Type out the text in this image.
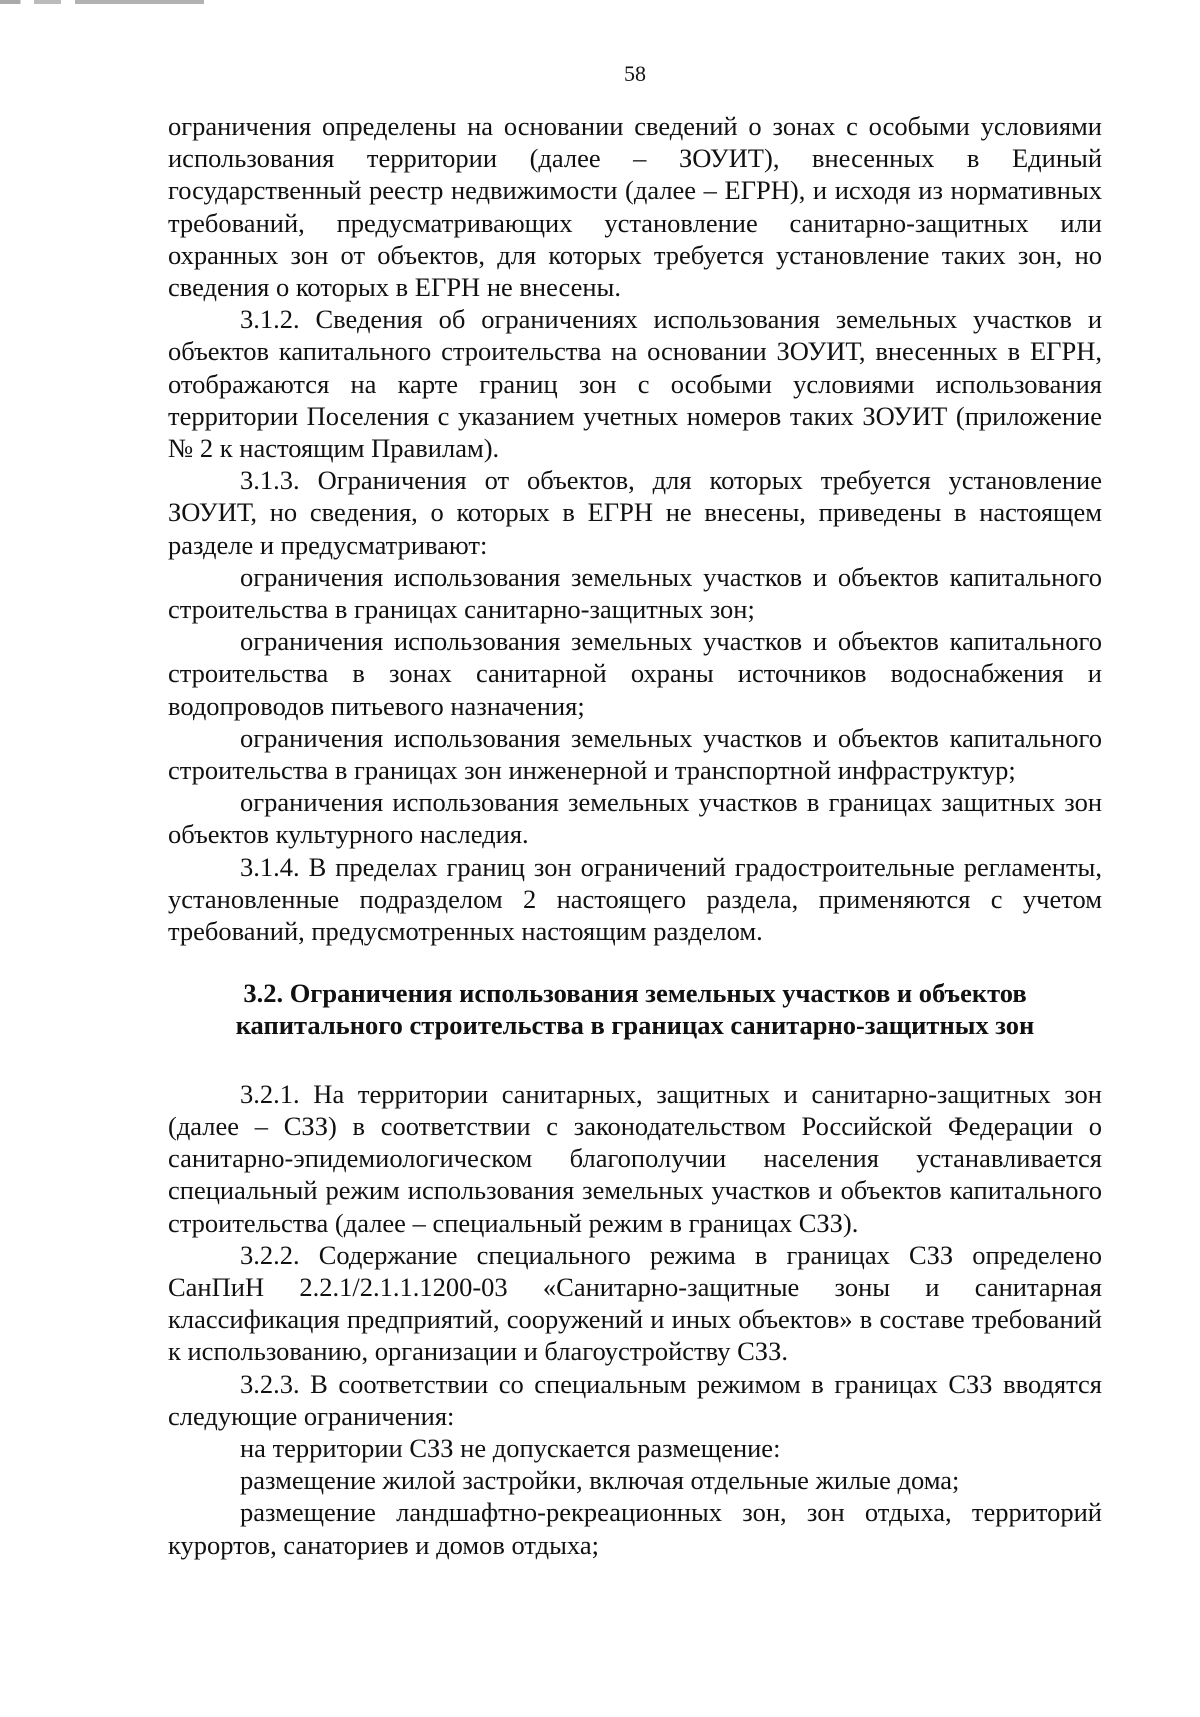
58

ограничения определены на основании сведений о зонах с особыми условиями использования территории (далее – ЗОУИТ), внесенных в Единый государственный реестр недвижимости (далее – ЕГРН), и исходя из нормативных требований, предусматривающих установление санитарно-защитных или охранных зон от объектов, для которых требуется установление таких зон, но сведения о которых в ЕГРН не внесены.

3.1.2. Сведения об ограничениях использования земельных участков и объектов капитального строительства на основании ЗОУИТ, внесенных в ЕГРН, отображаются на карте границ зон с особыми условиями использования территории Поселения с указанием учетных номеров таких ЗОУИТ (приложение № 2 к настоящим Правилам).

3.1.3. Ограничения от объектов, для которых требуется установление ЗОУИТ, но сведения, о которых в ЕГРН не внесены, приведены в настоящем разделе и предусматривают:

ограничения использования земельных участков и объектов капитального строительства в границах санитарно-защитных зон;

ограничения использования земельных участков и объектов капитального строительства в зонах санитарной охраны источников водоснабжения и водопроводов питьевого назначения;

ограничения использования земельных участков и объектов капитального строительства в границах зон инженерной и транспортной инфраструктур;

ограничения использования земельных участков в границах защитных зон объектов культурного наследия.

3.1.4. В пределах границ зон ограничений градостроительные регламенты, установленные подразделом 2 настоящего раздела, применяются с учетом требований, предусмотренных настоящим разделом.

3.2. Ограничения использования земельных участков и объектов
капитального строительства в границах санитарно-защитных зон

3.2.1. На территории санитарных, защитных и санитарно-защитных зон (далее – СЗЗ) в соответствии с законодательством Российской Федерации о санитарно-эпидемиологическом благополучии населения устанавливается специальный режим использования земельных участков и объектов капитального строительства (далее – специальный режим в границах СЗЗ).

3.2.2. Содержание специального режима в границах СЗЗ определено СанПиН 2.2.1/2.1.1.1200-03 «Санитарно-защитные зоны и санитарная классификация предприятий, сооружений и иных объектов» в составе требований к использованию, организации и благоустройству СЗЗ.

3.2.3. В соответствии со специальным режимом в границах СЗЗ вводятся следующие ограничения:

на территории СЗЗ не допускается размещение:

размещение жилой застройки, включая отдельные жилые дома;

размещение ландшафтно-рекреационных зон, зон отдыха, территорий курортов, санаториев и домов отдыха;
